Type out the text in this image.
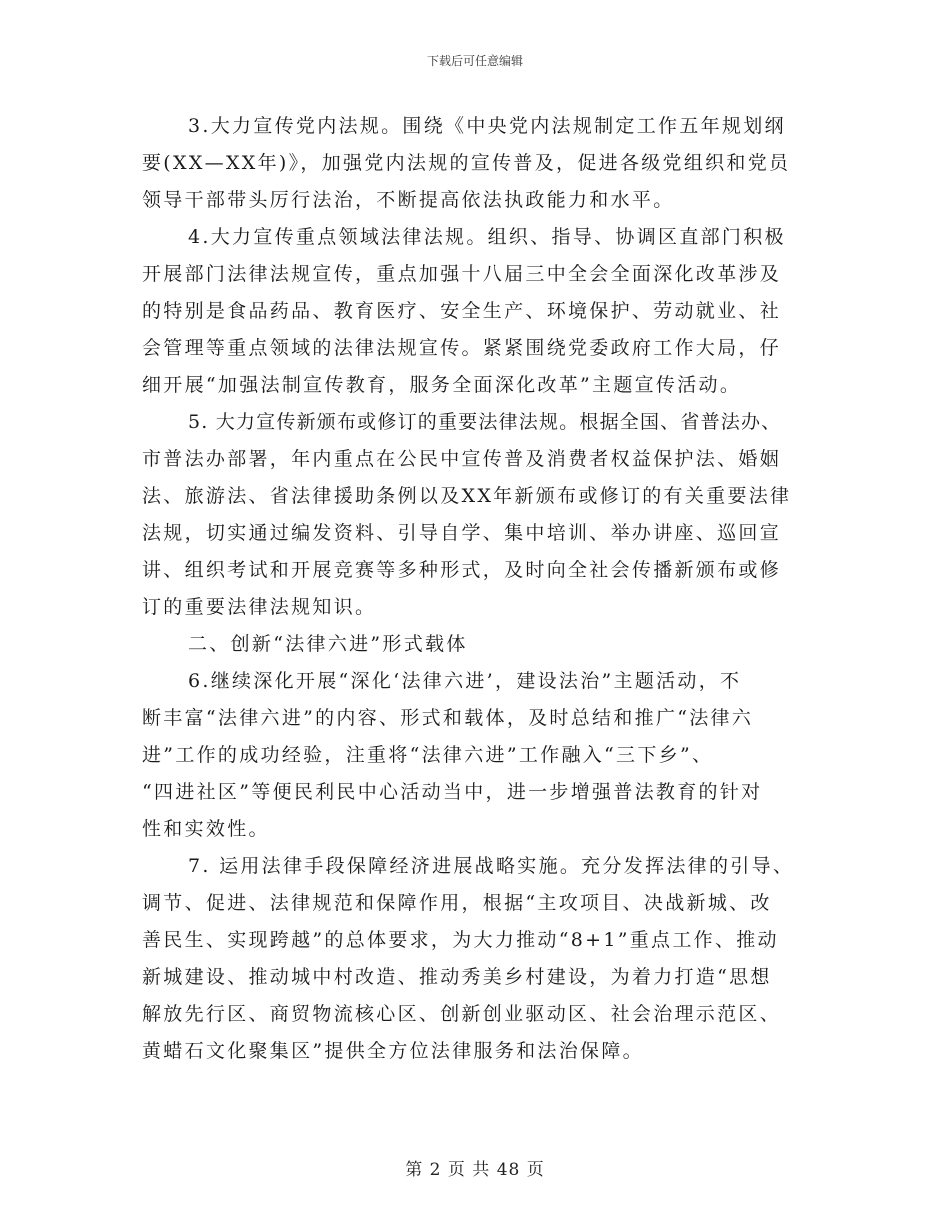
下载后可任意编辑
3.大力宣传党内法规。围绕《中央党内法规制定工作五年规划纲
要(XX—XX年)》，加强党内法规的宣传普及，促进各级党组织和党员
领导干部带头厉行法治，不断提高依法执政能力和水平。
4.大力宣传重点领域法律法规。组织、指导、协调区直部门积极
开展部门法律法规宣传，重点加强十八届三中全会全面深化改革涉及
的特别是食品药品、教育医疗、安全生产、环境保护、劳动就业、社
会管理等重点领域的法律法规宣传。紧紧围绕党委政府工作大局，仔
细开展“加强法制宣传教育，服务全面深化改革”主题宣传活动。
5. 大力宣传新颁布或修订的重要法律法规。根据全国、省普法办、
市普法办部署，年内重点在公民中宣传普及消费者权益保护法、婚姻
法、旅游法、省法律援助条例以及XX年新颁布或修订的有关重要法律
法规，切实通过编发资料、引导自学、集中培训、举办讲座、巡回宣
讲、组织考试和开展竞赛等多种形式，及时向全社会传播新颁布或修
订的重要法律法规知识。
二、创新“法律六进”形式载体
6.继续深化开展“深化‘法律六进’，建设法治”主题活动，不
断丰富“法律六进”的内容、形式和载体，及时总结和推广“法律六
进”工作的成功经验，注重将“法律六进”工作融入“三下乡”、
“四进社区”等便民利民中心活动当中，进一步增强普法教育的针对
性和实效性。
7. 运用法律手段保障经济进展战略实施。充分发挥法律的引导、
调节、促进、法律规范和保障作用，根据“主攻项目、决战新城、改
善民生、实现跨越”的总体要求，为大力推动“8+1”重点工作、推动
新城建设、推动城中村改造、推动秀美乡村建设，为着力打造“思想
解放先行区、商贸物流核心区、创新创业驱动区、社会治理示范区、
黄蜡石文化聚集区”提供全方位法律服务和法治保障。
第 2 页 共 48 页
